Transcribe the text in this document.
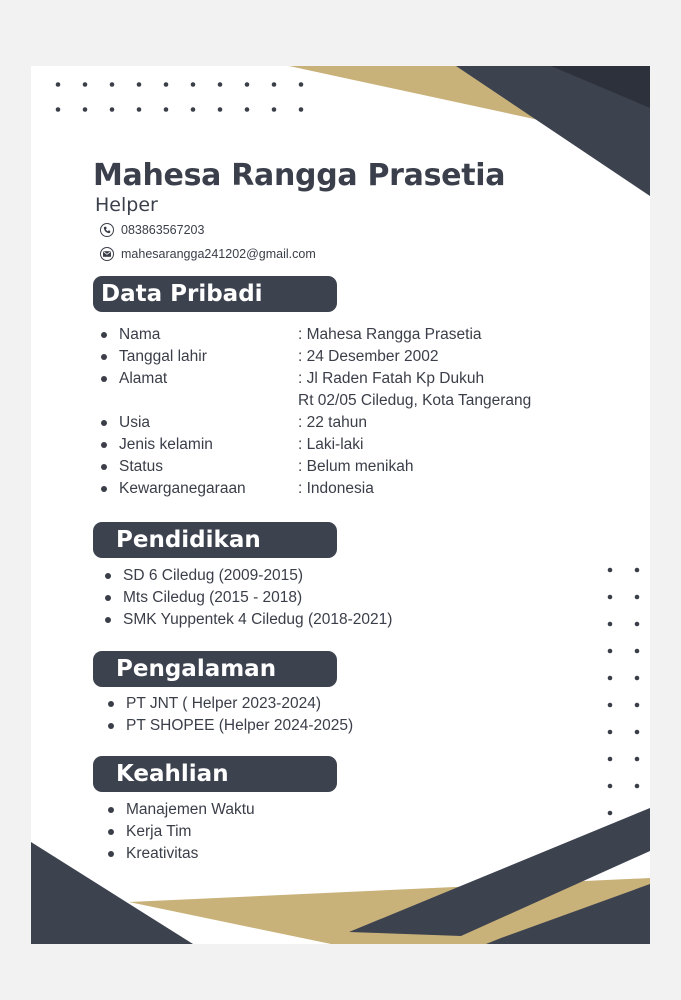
Mahesa Rangga Prasetia

Helper

083863567203
mahesarangga241202@gmail.com
Data Pribadi
Nama	: Mahesa Rangga Prasetia
Tanggal lahir	: 24 Desember 2002
Alamat	: Jl Raden Fatah Kp Dukuh
Rt 02/05 Ciledug, Kota Tangerang
Usia	: 22 tahun
Jenis kelamin	: Laki-laki
Status	: Belum menikah
Kewarganegaraan	: Indonesia
Pendidikan
SD 6 Ciledug (2009-2015)
Mts Ciledug (2015 - 2018)
SMK Yuppentek 4 Ciledug (2018-2021)
Pengalaman
PT JNT ( Helper 2023-2024)
PT SHOPEE (Helper 2024-2025)
Keahlian
Manajemen Waktu
Kerja Tim
Kreativitas
